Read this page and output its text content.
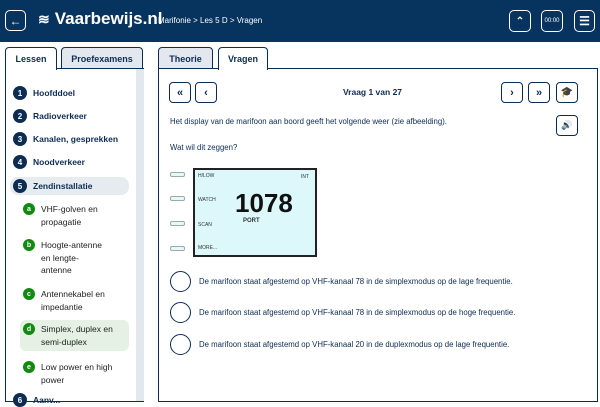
←	≋ Vaarbewijs.nl
Marifonie > Les 5 D > Vragen	⌃	00:00	☰
Lessen	Proefexamens
1	Hoofddoel
2	Radioverkeer
3	Kanalen, gesprekken
4	Noodverkeer
5	Zendinstallatie
a	VHF-golven en propagatie
b	Hoogte-antenne en lengte-antenne
c	Antennekabel en impedantie
d	Simplex, duplex en semi-duplex
e	Low power en high power
6	Aanv...
Theorie	Vragen
«	‹	Vraag 1 van 27	›	»	🎓
🔊
Het display van de marifoon aan boord geeft het volgende weer (zie afbeelding).
Wat wil dit zeggen?
H/LOW
WATCH
SCAN
MORE...
INT
1078
PORT
De marifoon staat afgestemd op VHF-kanaal 78 in de simplexmodus op de lage frequentie.
De marifoon staat afgestemd op VHF-kanaal 78 in de simplexmodus op de hoge frequentie.
De marifoon staat afgestemd op VHF-kanaal 20 in de duplexmodus op de lage frequentie.
